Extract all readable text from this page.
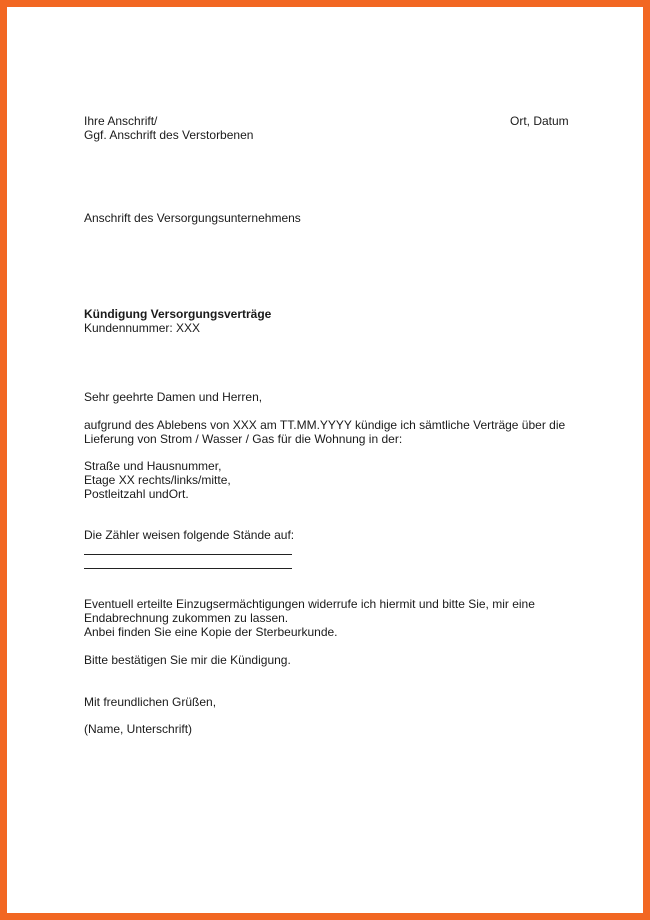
Ihre Anschrift/
Ggf. Anschrift des Verstorbenen
Ort, Datum
Anschrift des Versorgungsunternehmens
Kündigung Versorgungsverträge
Kundennummer: XXX
Sehr geehrte Damen und Herren,
aufgrund des Ablebens von XXX am TT.MM.YYYY kündige ich sämtliche Verträge über die
Lieferung von Strom / Wasser / Gas für die Wohnung in der:
Straße und Hausnummer,
Etage XX rechts/links/mitte,
Postleitzahl undOrt.
Die Zähler weisen folgende Stände auf:
Eventuell erteilte Einzugsermächtigungen widerrufe ich hiermit und bitte Sie, mir eine
Endabrechnung zukommen zu lassen.
Anbei finden Sie eine Kopie der Sterbeurkunde.
Bitte bestätigen Sie mir die Kündigung.
Mit freundlichen Grüßen,
(Name, Unterschrift)
